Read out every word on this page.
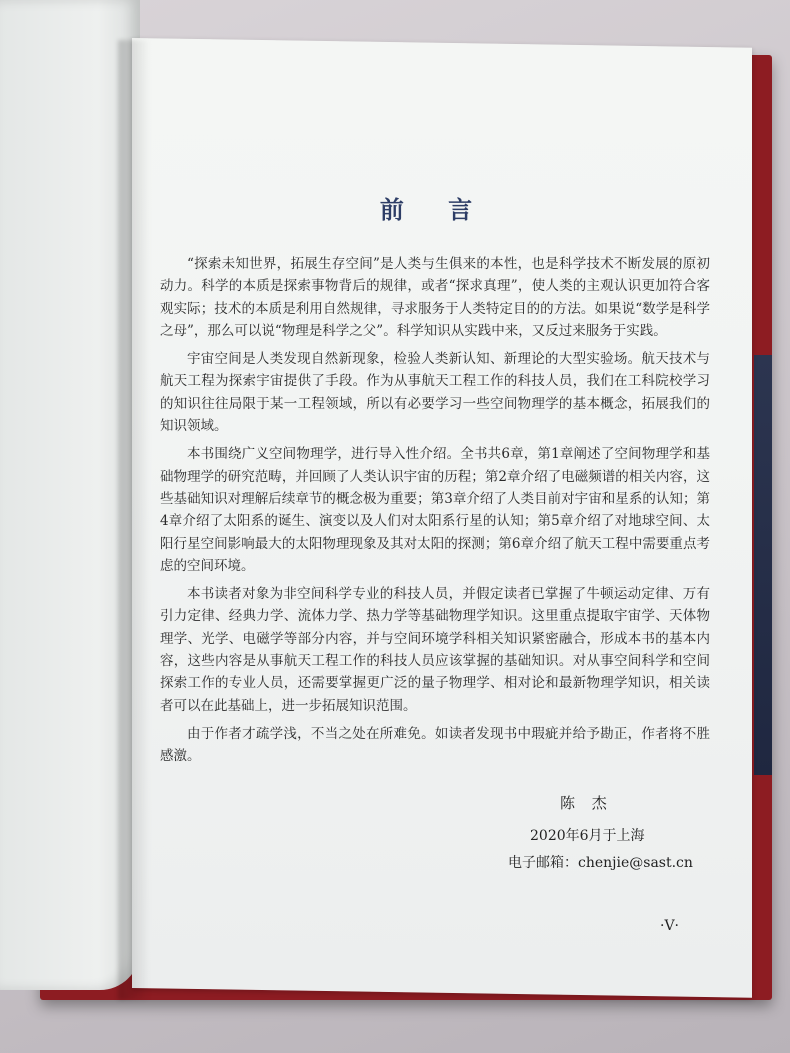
前 言

“探索未知世界，拓展生存空间”是人类与生俱来的本性，也是科学技术不断发展的原初动力。科学的本质是探索事物背后的规律，或者“探求真理”，使人类的主观认识更加符合客观实际；技术的本质是利用自然规律，寻求服务于人类特定目的的方法。如果说“数学是科学之母”，那么可以说“物理是科学之父”。科学知识从实践中来，又反过来服务于实践。

宇宙空间是人类发现自然新现象，检验人类新认知、新理论的大型实验场。航天技术与航天工程为探索宇宙提供了手段。作为从事航天工程工作的科技人员，我们在工科院校学习的知识往往局限于某一工程领域，所以有必要学习一些空间物理学的基本概念，拓展我们的知识领域。

本书围绕广义空间物理学，进行导入性介绍。全书共6章，第1章阐述了空间物理学和基础物理学的研究范畴，并回顾了人类认识宇宙的历程；第2章介绍了电磁频谱的相关内容，这些基础知识对理解后续章节的概念极为重要；第3章介绍了人类目前对宇宙和星系的认知；第4章介绍了太阳系的诞生、演变以及人们对太阳系行星的认知；第5章介绍了对地球空间、太阳行星空间影响最大的太阳物理现象及其对太阳的探测；第6章介绍了航天工程中需要重点考虑的空间环境。

本书读者对象为非空间科学专业的科技人员，并假定读者已掌握了牛顿运动定律、万有引力定律、经典力学、流体力学、热力学等基础物理学知识。这里重点提取宇宙学、天体物理学、光学、电磁学等部分内容，并与空间环境学科相关知识紧密融合，形成本书的基本内容，这些内容是从事航天工程工作的科技人员应该掌握的基础知识。对从事空间科学和空间探索工作的专业人员，还需要掌握更广泛的量子物理学、相对论和最新物理学知识，相关读者可以在此基础上，进一步拓展知识范围。

由于作者才疏学浅，不当之处在所难免。如读者发现书中瑕疵并给予勘正，作者将不胜感激。

陈 杰
2020年6月于上海
电子邮箱：chenjie@sast.cn
·V·
